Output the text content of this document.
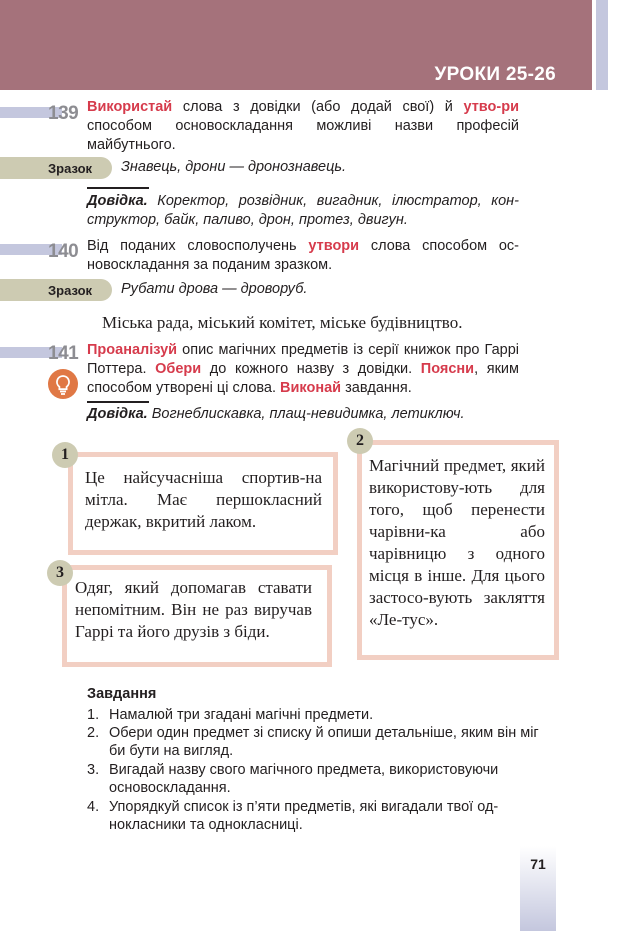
УРОКИ 25-26
139 Використай слова з довідки (або додай свої) й утво-ри способом основоскладання можливі назви професій майбутнього.
Зразок Знавець, дрони — дронознавець.
Довідка. Коректор, розвідник, вигадник, ілюстратор, кон-структор, байк, паливо, дрон, протез, двигун.
140 Від поданих словосполучень утвори слова способом ос-новоскладання за поданим зразком.
Зразок Рубати дрова — дроворуб.
Міська рада, міський комітет, міське будівництво.
141 Проаналізуй опис магічних предметів із серії книжок про Гаррі Поттера. Обери до кожного назву з довідки. Поясни, яким способом утворені ці слова. Виконай завдання.
Довідка. Вогнеблискавка, плащ-невидимка, летиключ.
Це найсучасніша спортив-на мітла. Має першокласний держак, вкритий лаком.
1
Магічний предмет, який використову-ють для того, щоб перенести чарівни-ка або чарівницю з одного місця в інше. Для цього застосо-вують закляття «Ле-тус».
2
Одяг, який допомагав ставати непомітним. Він не раз виручав Гаррі та його друзів з біди.
3
Завдання
1. Намалюй три згадані магічні предмети.
2. Обери один предмет зі списку й опиши детальніше, яким він міг би бути на вигляд.
3. Вигадай назву свого магічного предмета, використовуючи основоскладання.
4. Упорядкуй список із п’яти предметів, які вигадали твої од-нокласники та однокласниці.
71
